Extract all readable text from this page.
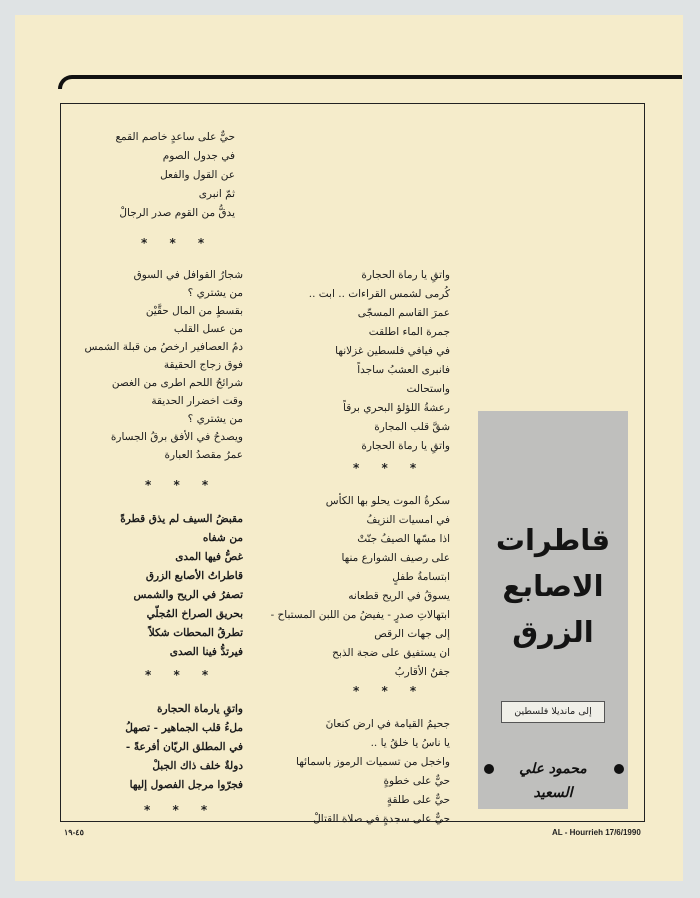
حيٌّ على ساعدٍ خاصم القمع
في جدول الصوم
عن القول والفعل
ثمّ انبرى
يدقُّ من القوم صدر الرجالْ
* * *
واتقِ يا رماة الحجارة
كُرمى لشمس القراءات .. ابت ..
عمرَ القاسم المسجّى
جمرة الماء اطلقت
في فيافي فلسطين غزلانها
فانبرى العشبُ ساجداً
واستحالت
رعشةُ اللؤلؤ البحري برقاً
شقَّ قلب المجارة
واتقِ يا رماة الحجارة
شجارُ القوافل في السوق
من يشتري ؟
بقسطٍ من المال حقَّيْن
من عسل القلب
دمُ العصافير ارخصُ من قبلة الشمس
فوق زجاج الحقيقة
شرائحُ اللحم اطرى من الغصن
وقت اخضرار الحديقة
من يشتري ؟
ويصدحُ في الأفق برقُ الجسارة
عمرُ مقصدُ العبارة
* * *
* * *
سكرةُ الموت يحلو بها الكأس
في امسيات النزيفُ
اذا مسّها الصيفُ جنّتْ
على رصيف الشوارع منها
ابتسامةُ طفلٍ
يسوقُ في الريح قطعانه
ابتهالاتِ صدرٍ - يفيضُ من اللبن المستباح -
إلى جهات الرقص
ان يستفيق على ضجة الذبح
جفنُ الأقاربُ
مقبضُ السيف لم يذق قطرةً
من شفاه
غصُّ فيها المدى
قاطراتُ الأصابع الزرق
تصفرُ في الريح والشمس
بحريق الصراخ المُجلّي
تطرقُ المحطات شكلاً
فيرتدُّ فينا الصدى
* * *
* * *
واتقِ يارماة الحجارة
ملءُ قلب الجماهير - تصهلُ
في المطلق الريّان أفرعةً -
دولةٌ خلف ذاك الجبلْ
فجرّوا مرجل الفصول إليها
جحيمُ القيامة في ارض كنعانَ
يا ناسُ يا خلقُ يا ..
واخجل من تسميات الرموز باسمائها
حيٌّ على خطوةٍ
حيٌّ على طلقةٍ
حيٌّ على سجدةٍ في صلاة القتالْ
* * *
قاطرات
الاصابع
الزرق
إلى مانديلا فلسطين
محمود علي السعيد
٤٥-١٩	AL - Hourrieh 17/6/1990
